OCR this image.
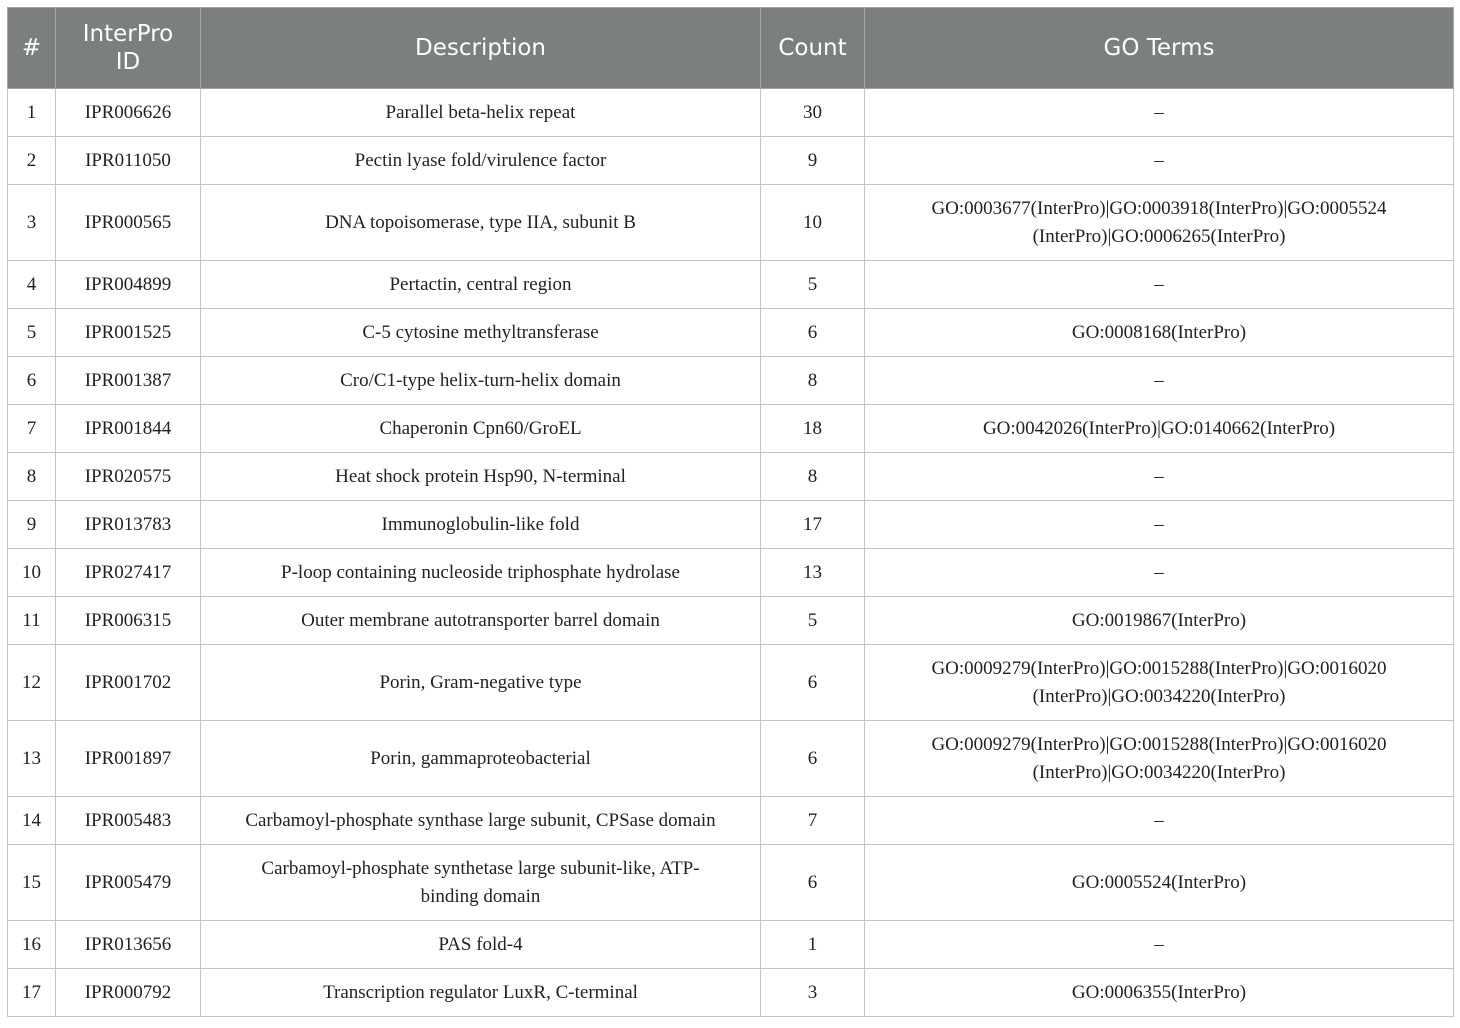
#	InterPro ID	Description	Count	GO Terms
1	IPR006626	Parallel beta-helix repeat	30	–
2	IPR011050	Pectin lyase fold/virulence factor	9	–
3	IPR000565	DNA topoisomerase, type IIA, subunit B	10	GO:0003677(InterPro)|GO:0003918(InterPro)|GO:0005524 (InterPro)|GO:0006265(InterPro)
4	IPR004899	Pertactin, central region	5	–
5	IPR001525	C-5 cytosine methyltransferase	6	GO:0008168(InterPro)
6	IPR001387	Cro/C1-type helix-turn-helix domain	8	–
7	IPR001844	Chaperonin Cpn60/GroEL	18	GO:0042026(InterPro)|GO:0140662(InterPro)
8	IPR020575	Heat shock protein Hsp90, N-terminal	8	–
9	IPR013783	Immunoglobulin-like fold	17	–
10	IPR027417	P-loop containing nucleoside triphosphate hydrolase	13	–
11	IPR006315	Outer membrane autotransporter barrel domain	5	GO:0019867(InterPro)
12	IPR001702	Porin, Gram-negative type	6	GO:0009279(InterPro)|GO:0015288(InterPro)|GO:0016020 (InterPro)|GO:0034220(InterPro)
13	IPR001897	Porin, gammaproteobacterial	6	GO:0009279(InterPro)|GO:0015288(InterPro)|GO:0016020 (InterPro)|GO:0034220(InterPro)
14	IPR005483	Carbamoyl-phosphate synthase large subunit, CPSase domain	7	–
15	IPR005479	Carbamoyl-phosphate synthetase large subunit-like, ATP-binding domain	6	GO:0005524(InterPro)
16	IPR013656	PAS fold-4	1	–
17	IPR000792	Transcription regulator LuxR, C-terminal	3	GO:0006355(InterPro)
